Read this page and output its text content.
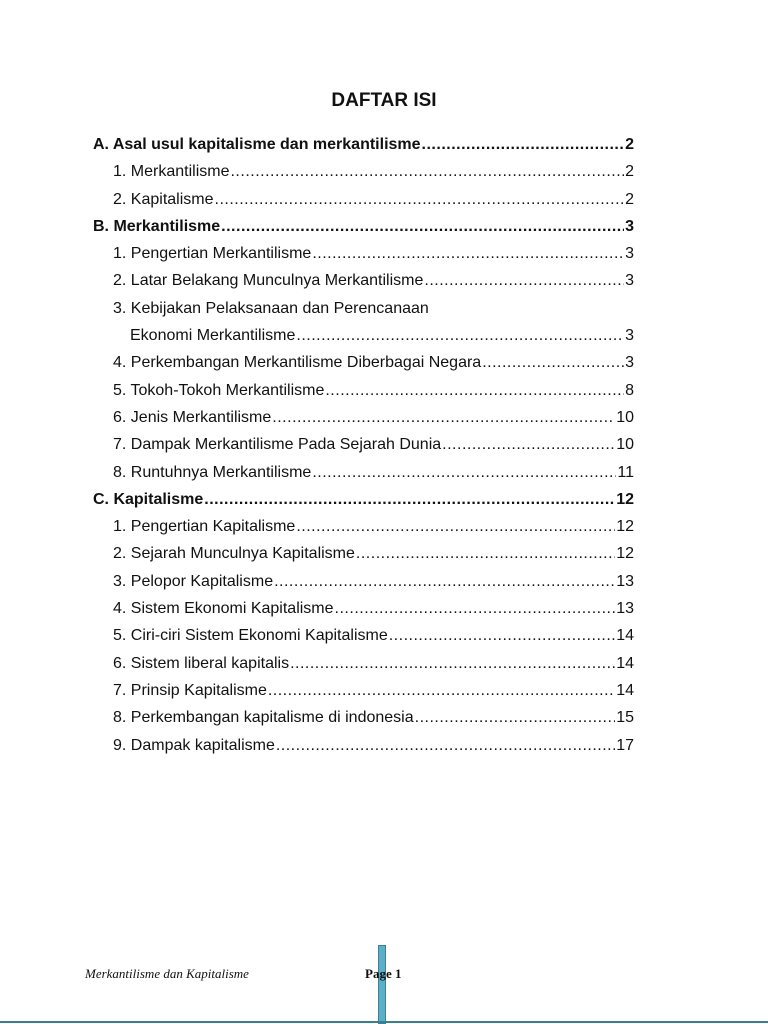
DAFTAR ISI
A. Asal usul kapitalisme dan merkantilisme .....	2
1. Merkantilisme .....	2
2. Kapitalisme .....	2
B. Merkantilisme .....	3
1. Pengertian Merkantilisme .....	3
2. Latar Belakang Munculnya Merkantilisme .....	3
3. Kebijakan Pelaksanaan dan Perencanaan
Ekonomi Merkantilisme .....	3
4. Perkembangan Merkantilisme Diberbagai Negara .....	3
5. Tokoh-Tokoh Merkantilisme .....	8
6. Jenis Merkantilisme .....	10
7. Dampak Merkantilisme Pada Sejarah Dunia .....	10
8. Runtuhnya Merkantilisme .....	11
C. Kapitalisme .....	12
1. Pengertian Kapitalisme .....	12
2. Sejarah Munculnya Kapitalisme .....	12
3. Pelopor Kapitalisme .....	13
4. Sistem Ekonomi Kapitalisme .....	13
5. Ciri-ciri Sistem Ekonomi Kapitalisme .....	14
6. Sistem liberal kapitalis .....	14
7. Prinsip Kapitalisme .....	14
8. Perkembangan kapitalisme di indonesia .....	15
9. Dampak kapitalisme .....	17
Merkantilisme dan Kapitalisme	Page 1
